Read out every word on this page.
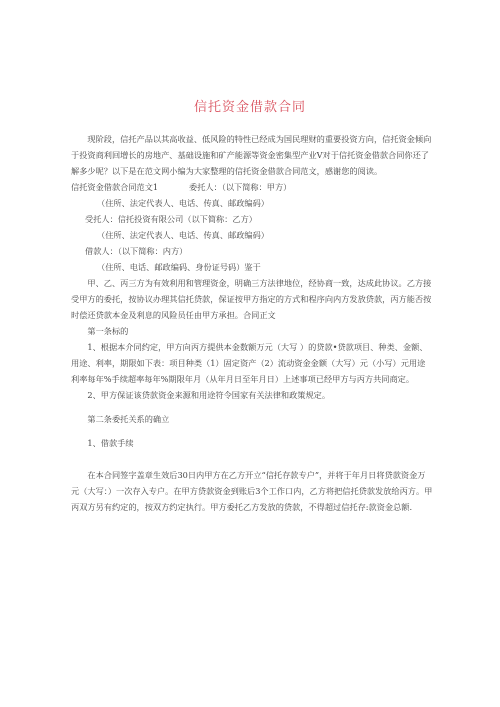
信托资金借款合同

现阶段，信托产品以其高收益、低风险的特性已经成为国民理财的重要投资方向，信托资金倾向于投资商利回增长的房地产、基础设施和矿产能源等资金密集型产业V对于信托资金借款合同你还了解多少呢？以下是在范文网小编为大家整理的信托资金借款合同范文，感谢您的阅读。

信托资金借款合同范文1	委托人：（以下简称：甲方）

（住所、法定代表人、电话、传真、邮政编码）

受托人：信托投资有限公司（以下简称：乙方）

（住所、法定代表人、电话、传真、邮政编码）

借款人：（以下简称：内方）

（住所、电话、邮政编码、身份证号码）鉴于

甲、乙、丙三方为有效利用和管理资金，明确三方法律地位，经协商一致，达成此协议。乙方接受甲方的委托，按协议办理其信托贷款，保证按甲方指定的方式和程序向内方发放贷款，丙方能否按时偿还贷款本金及利息的风险员任由甲方承担。合同正文

第一条标的

1、根据本介同约定，甲方向丙方提供本金数额万元（大写 ）的贷款•贷款项目、种类、金额、用途、利率，期限如下表：项目种类（1）固定资产（2）流动资金金额（大写）元（小写）元用途利率每年%手续超率每年%期限年月（从年月日至年月日）上述事项已经甲方与丙方共同商定。

2、甲方保证该贷款资金来源和用途符令国家有关法律和政策规定。

第二条委托关系的确立

1、借款手续

在本合同签字盖章生效后30日内甲方在乙方开立“信托存款专户”，并将于年月日将贷款资金万元（大写：）一次存入专户。在甲方贷款资金到账后3个工作口内，乙方将把信托贷款发放给丙方。甲丙双方另有约定的，按双方约定执行。甲方委托乙方发放的贷款，不得超过信托存:款资金总额.
